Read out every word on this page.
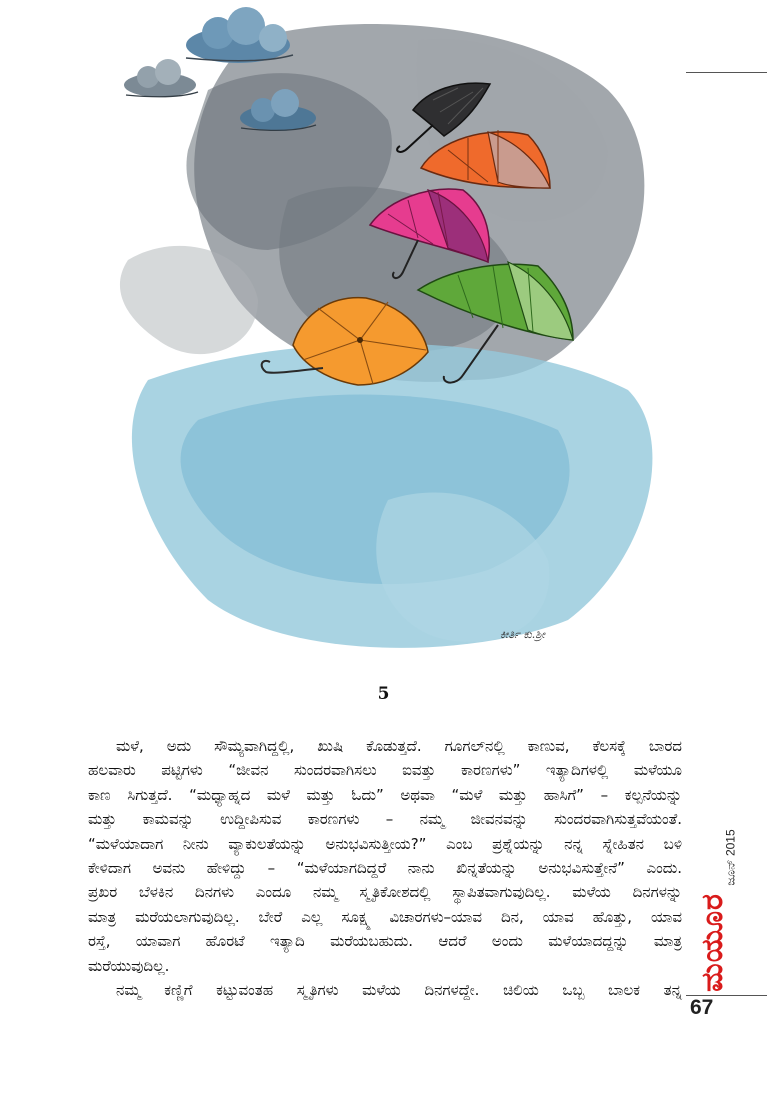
ಕೀರ್ತಿ ಕು.ಶ್ರೀ
5

ಮಳೆ, ಅದು ಸೌಮ್ಯವಾಗಿದ್ದಲ್ಲಿ, ಖುಷಿ ಕೊಡುತ್ತದೆ. ಗೂಗಲ್‌ನಲ್ಲಿ ಕಾಣುವ, ಕೆಲಸಕ್ಕೆ ಬಾರದ

ಹಲವಾರು ಪಟ್ಟಿಗಳು “ಜೀವನ ಸುಂದರವಾಗಿಸಲು ಐವತ್ತು ಕಾರಣಗಳು” ಇತ್ಯಾದಿಗಳಲ್ಲಿ ಮಳೆಯೂ

ಕಾಣ ಸಿಗುತ್ತದೆ. “ಮಧ್ಯಾಹ್ನದ ಮಳೆ ಮತ್ತು ಓದು” ಅಥವಾ “ಮಳೆ ಮತ್ತು ಹಾಸಿಗೆ” – ಕಲ್ಪನೆಯನ್ನು

ಮತ್ತು ಕಾಮವನ್ನು ಉದ್ದೀಪಿಸುವ ಕಾರಣಗಳು – ನಮ್ಮ ಜೀವನವನ್ನು ಸುಂದರವಾಗಿಸುತ್ತವೆಯಂತೆ.

“ಮಳೆಯಾದಾಗ ನೀನು ವ್ಯಾಕುಲತೆಯನ್ನು ಅನುಭವಿಸುತ್ತೀಯ?” ಎಂಬ ಪ್ರಶ್ನೆಯನ್ನು ನನ್ನ ಸ್ನೇಹಿತನ ಬಳಿ

ಕೇಳಿದಾಗ ಅವನು ಹೇಳಿದ್ದು – “ಮಳೆಯಾಗದಿದ್ದರೆ ನಾನು ಖಿನ್ನತೆಯನ್ನು ಅನುಭವಿಸುತ್ತೇನೆ” ಎಂದು.

ಪ್ರಖರ ಬೆಳಕಿನ ದಿನಗಳು ಎಂದೂ ನಮ್ಮ ಸ್ಮೃತಿಕೋಶದಲ್ಲಿ ಸ್ಥಾಪಿತವಾಗುವುದಿಲ್ಲ. ಮಳೆಯ ದಿನಗಳನ್ನು

ಮಾತ್ರ ಮರೆಯಲಾಗುವುದಿಲ್ಲ. ಬೇರೆ ಎಲ್ಲ ಸೂಕ್ಷ್ಮ ವಿಚಾರಗಳು–ಯಾವ ದಿನ, ಯಾವ ಹೊತ್ತು, ಯಾವ

ರಸ್ತೆ, ಯಾವಾಗ ಹೊರಟೆ ಇತ್ಯಾದಿ ಮರೆಯಬಹುದು. ಆದರೆ ಅಂದು ಮಳೆಯಾದದ್ದನ್ನು ಮಾತ್ರ

ಮರೆಯುವುದಿಲ್ಲ.

ನಮ್ಮ ಕಣ್ಣಿಗೆ ಕಟ್ಟುವಂತಹ ಸ್ಮೃತಿಗಳು ಮಳೆಯ ದಿನಗಳದ್ದೇ. ಚಿಲಿಯ ಒಬ್ಬ ಬಾಲಕ ತನ್ನ

ಜೂನ್ 2015
ಮಯೂರ
67
